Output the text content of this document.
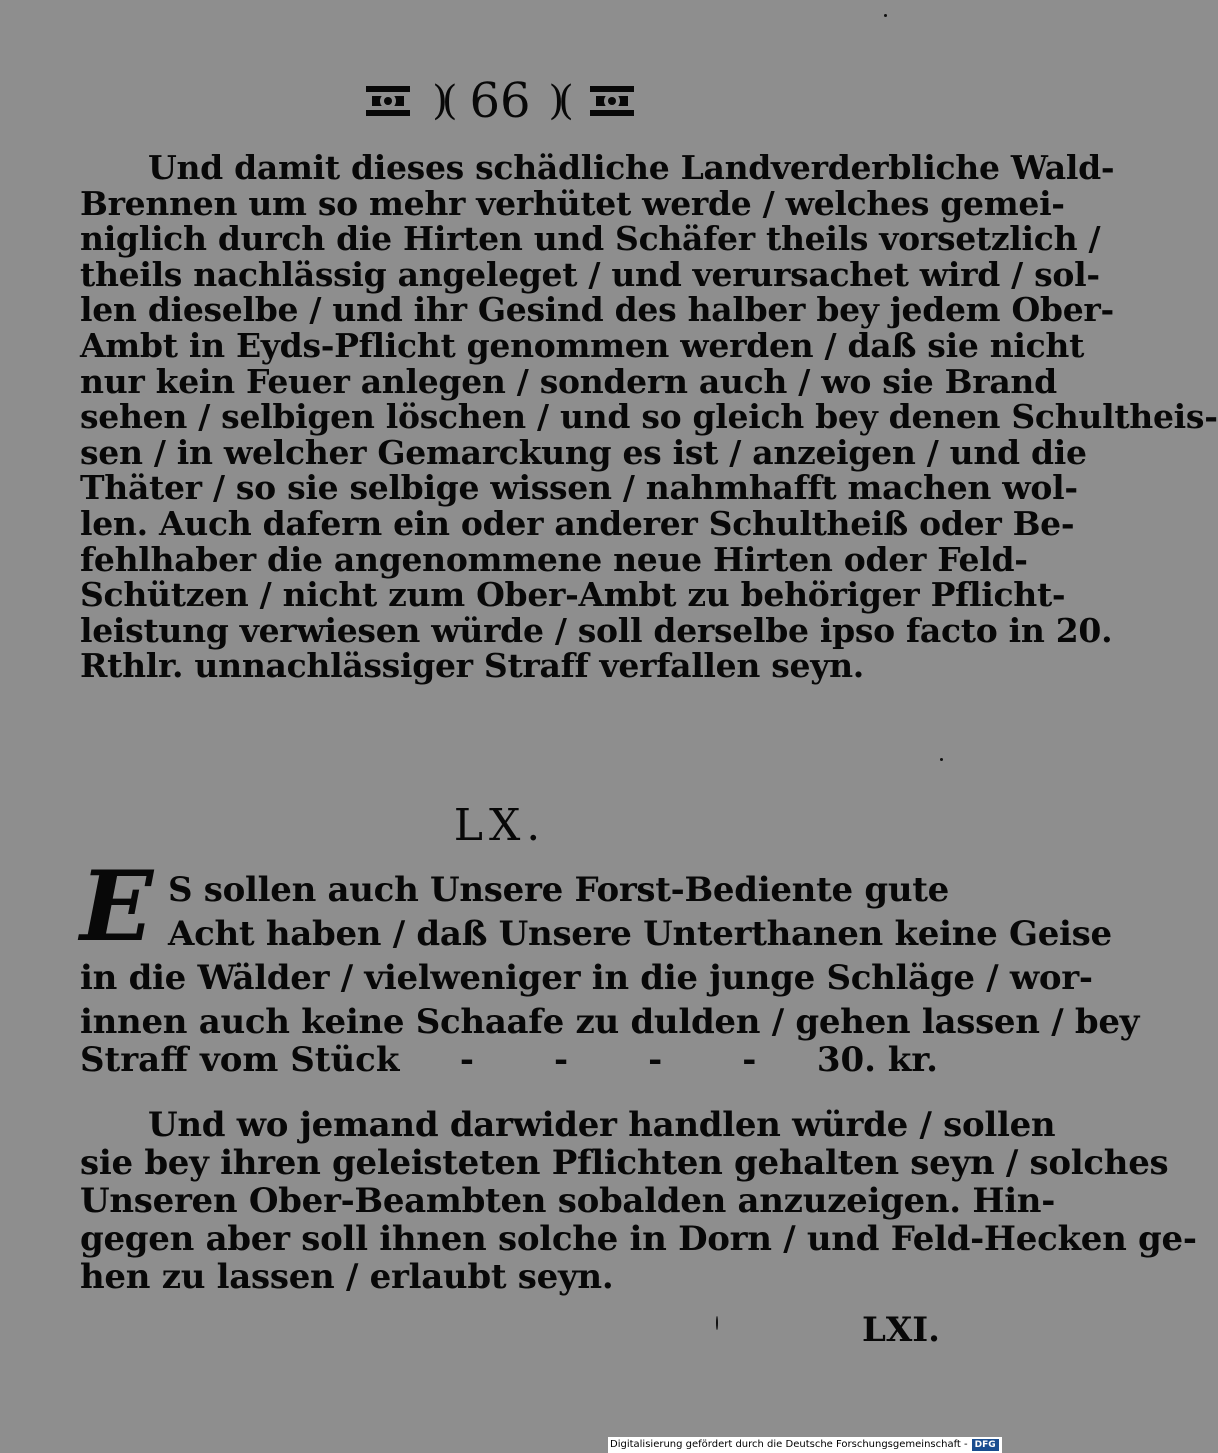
)( 66 )(
Und damit dieses schädliche Landverderbliche Wald-
Brennen um so mehr verhütet werde / welches gemei-
niglich durch die Hirten und Schäfer theils vorsetzlich /
theils nachlässig angeleget / und verursachet wird / sol-
len dieselbe / und ihr Gesind des halber bey jedem Ober-
Ambt in Eyds-Pflicht genommen werden / daß sie nicht
nur kein Feuer anlegen / sondern auch / wo sie Brand
sehen / selbigen löschen / und so gleich bey denen Schultheis-
sen / in welcher Gemarckung es ist / anzeigen / und die
Thäter / so sie selbige wissen / nahmhafft machen wol-
len. Auch dafern ein oder anderer Schultheiß oder Be-
fehlhaber die angenommene neue Hirten oder Feld-
Schützen / nicht zum Ober-Ambt zu behöriger Pflicht-
leistung verwiesen würde / soll derselbe ipso facto in 20.
Rthlr. unnachlässiger Straff verfallen seyn.
LX.
E S sollen auch Unsere Forst-Bediente gute
Acht haben / daß Unsere Unterthanen keine Geise
in die Wälder / vielweniger in die junge Schläge / wor-
innen auch keine Schaafe zu dulden / gehen lassen / bey
Straff vom Stück - - - - 30. kr.
Und wo jemand darwider handlen würde / sollen
sie bey ihren geleisteten Pflichten gehalten seyn / solches
Unseren Ober-Beambten sobalden anzuzeigen. Hin-
gegen aber soll ihnen solche in Dorn / und Feld-Hecken ge-
hen zu lassen / erlaubt seyn.
LXI.
Digitalisierung gefördert durch die Deutsche Forschungsgemeinschaft - DFG
